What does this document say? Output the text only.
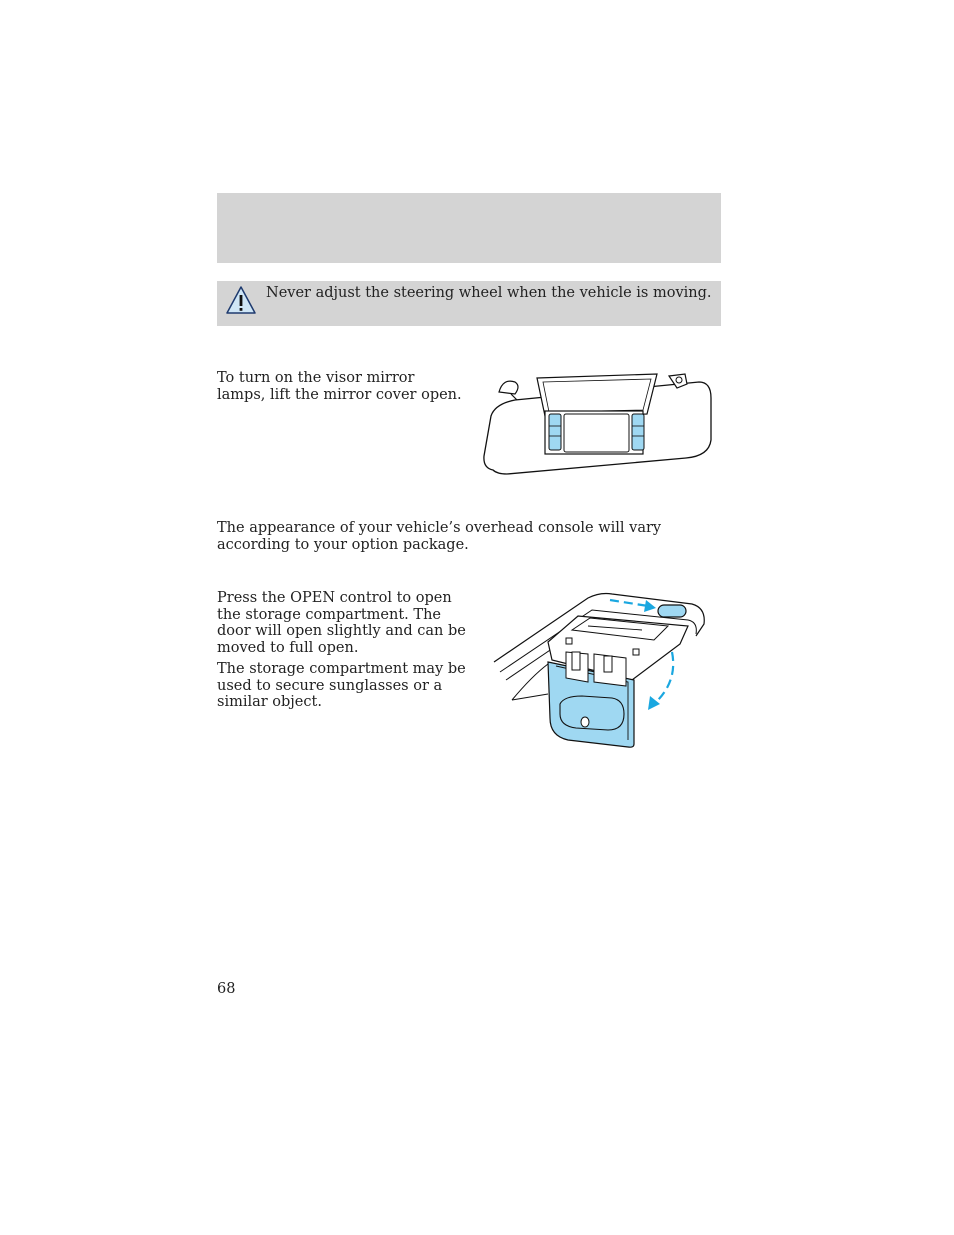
Never adjust the steering wheel when the vehicle is moving.
To turn on the visor mirror lamps, lift the mirror cover open.
The appearance of your vehicle’s overhead console will vary according to your option package.
Press the OPEN control to open the storage compartment. The door will open slightly and can be moved to full open.
The storage compartment may be used to secure sunglasses or a similar object.
68
